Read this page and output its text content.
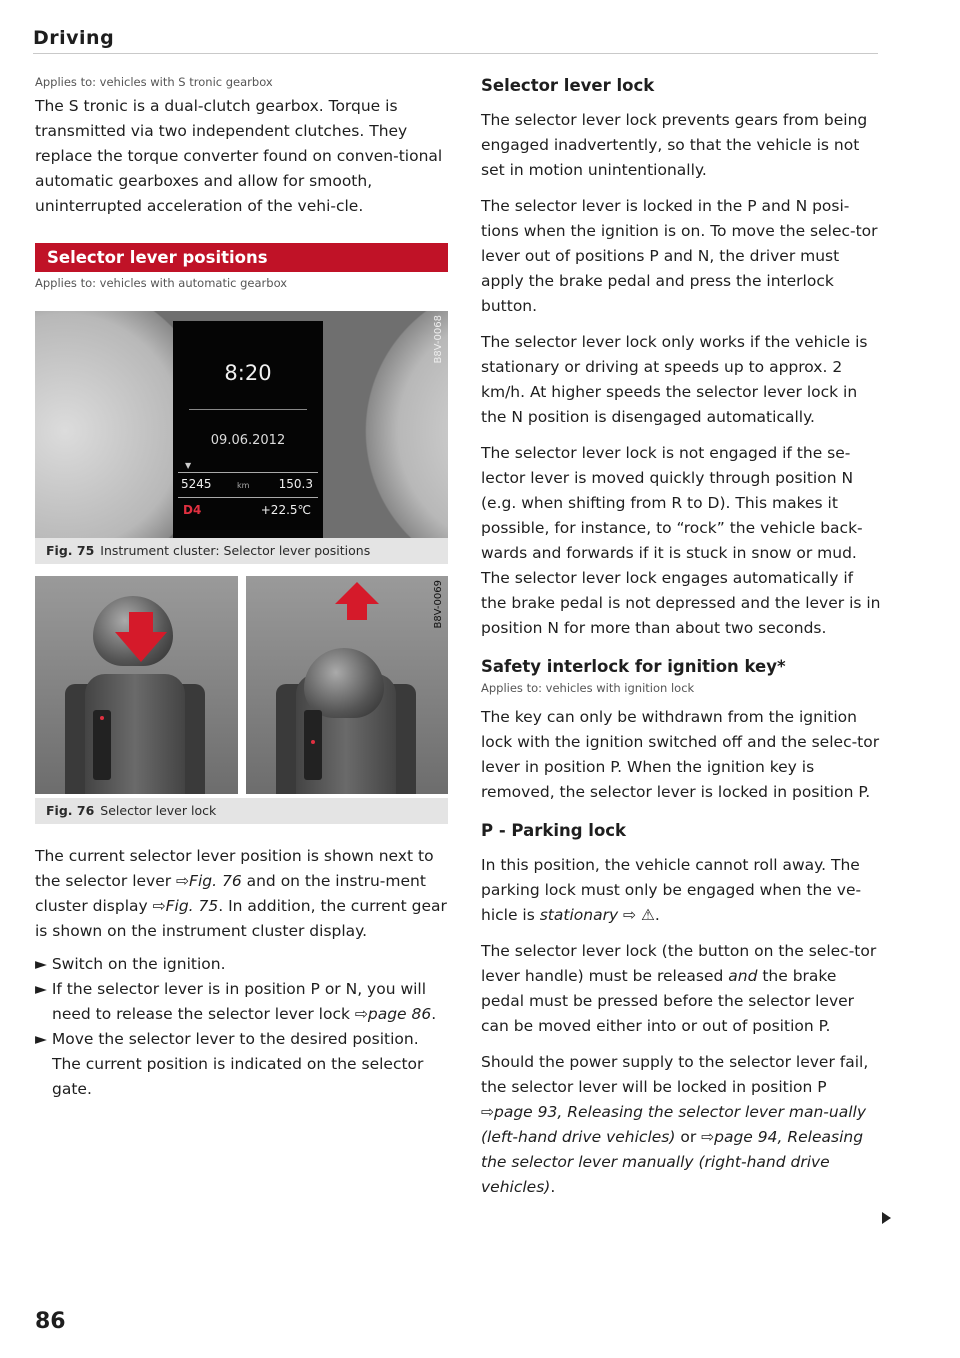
Driving
Applies to: vehicles with S tronic gearbox
The S tronic is a dual-clutch gearbox. Torque is transmitted via two independent clutches. They replace the torque converter found on conven-tional automatic gearboxes and allow for smooth, uninterrupted acceleration of the vehi-cle.
Selector lever positions
Applies to: vehicles with automatic gearbox
8:20
09.06.2012
▼
5245	km 150.3
D4	+22.5℃
B8V-0068
Fig. 75 Instrument cluster: Selector lever positions
B8V-0069
Fig. 76 Selector lever lock
The current selector lever position is shown next to the selector lever ⇨Fig. 76 and on the instru-ment cluster display ⇨Fig. 75. In addition, the current gear is shown on the instrument cluster display.
► Switch on the ignition.
► If the selector lever is in position P or N, you will need to release the selector lever lock ⇨page 86.
► Move the selector lever to the desired position. The current position is indicated on the selector gate.
Selector lever lock
The selector lever lock prevents gears from being engaged inadvertently, so that the vehicle is not set in motion unintentionally.
The selector lever is locked in the P and N posi-tions when the ignition is on. To move the selec-tor lever out of positions P and N, the driver must apply the brake pedal and press the interlock button.
The selector lever lock only works if the vehicle is stationary or driving at speeds up to approx. 2 km/h. At higher speeds the selector lever lock in the N position is disengaged automatically.
The selector lever lock is not engaged if the se-lector lever is moved quickly through position N (e.g. when shifting from R to D). This makes it possible, for instance, to “rock” the vehicle back-wards and forwards if it is stuck in snow or mud. The selector lever lock engages automatically if the brake pedal is not depressed and the lever is in position N for more than about two seconds.
Safety interlock for ignition key*
Applies to: vehicles with ignition lock
The key can only be withdrawn from the ignition lock with the ignition switched off and the selec-tor lever in position P. When the ignition key is removed, the selector lever is locked in position P.
P - Parking lock
In this position, the vehicle cannot roll away. The parking lock must only be engaged when the ve-hicle is stationary ⇨ ⚠.
The selector lever lock (the button on the selec-tor lever handle) must be released and the brake pedal must be pressed before the selector lever can be moved either into or out of position P.
Should the power supply to the selector lever fail, the selector lever will be locked in position P ⇨page 93, Releasing the selector lever man-ually (left-hand drive vehicles) or ⇨page 94, Releasing the selector lever manually (right-hand drive vehicles).
86
